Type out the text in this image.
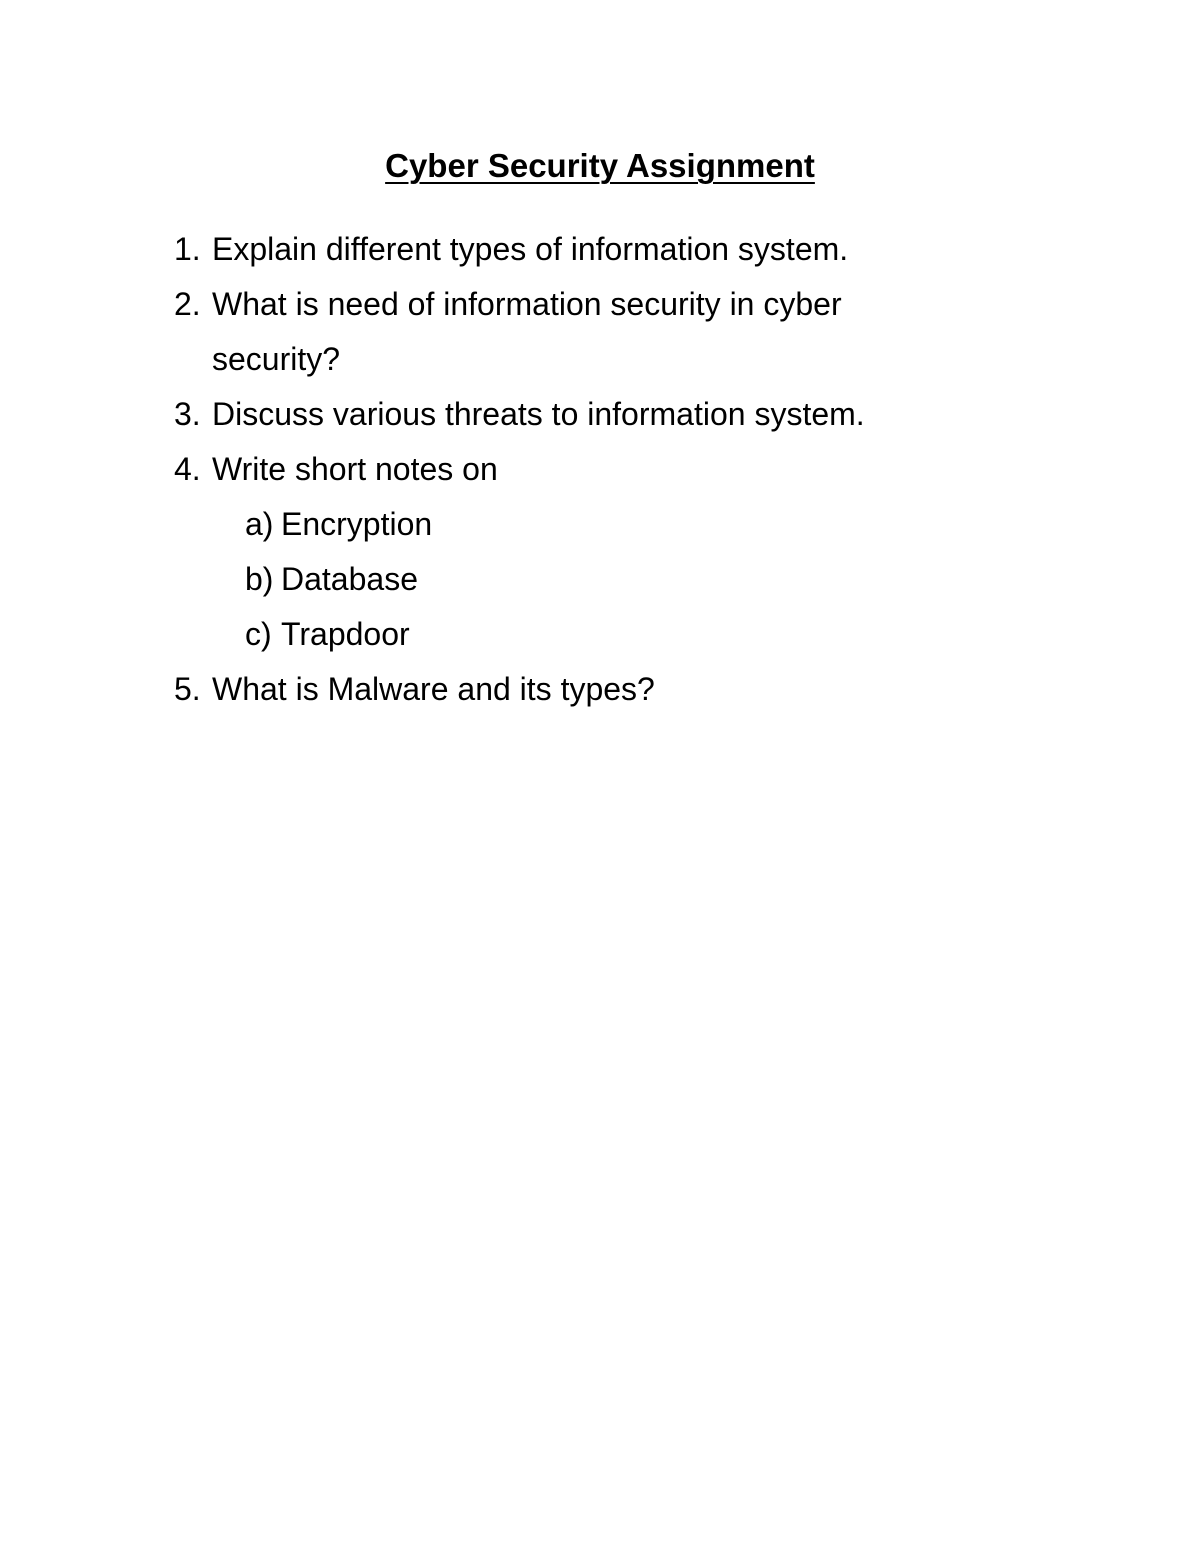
Cyber Security Assignment
1. Explain different types of information system.
2. What is need of information security in cyber
security?
3. Discuss various threats to information system.
4. Write short notes on
a) Encryption
b) Database
c) Trapdoor
5. What is Malware and its types?
